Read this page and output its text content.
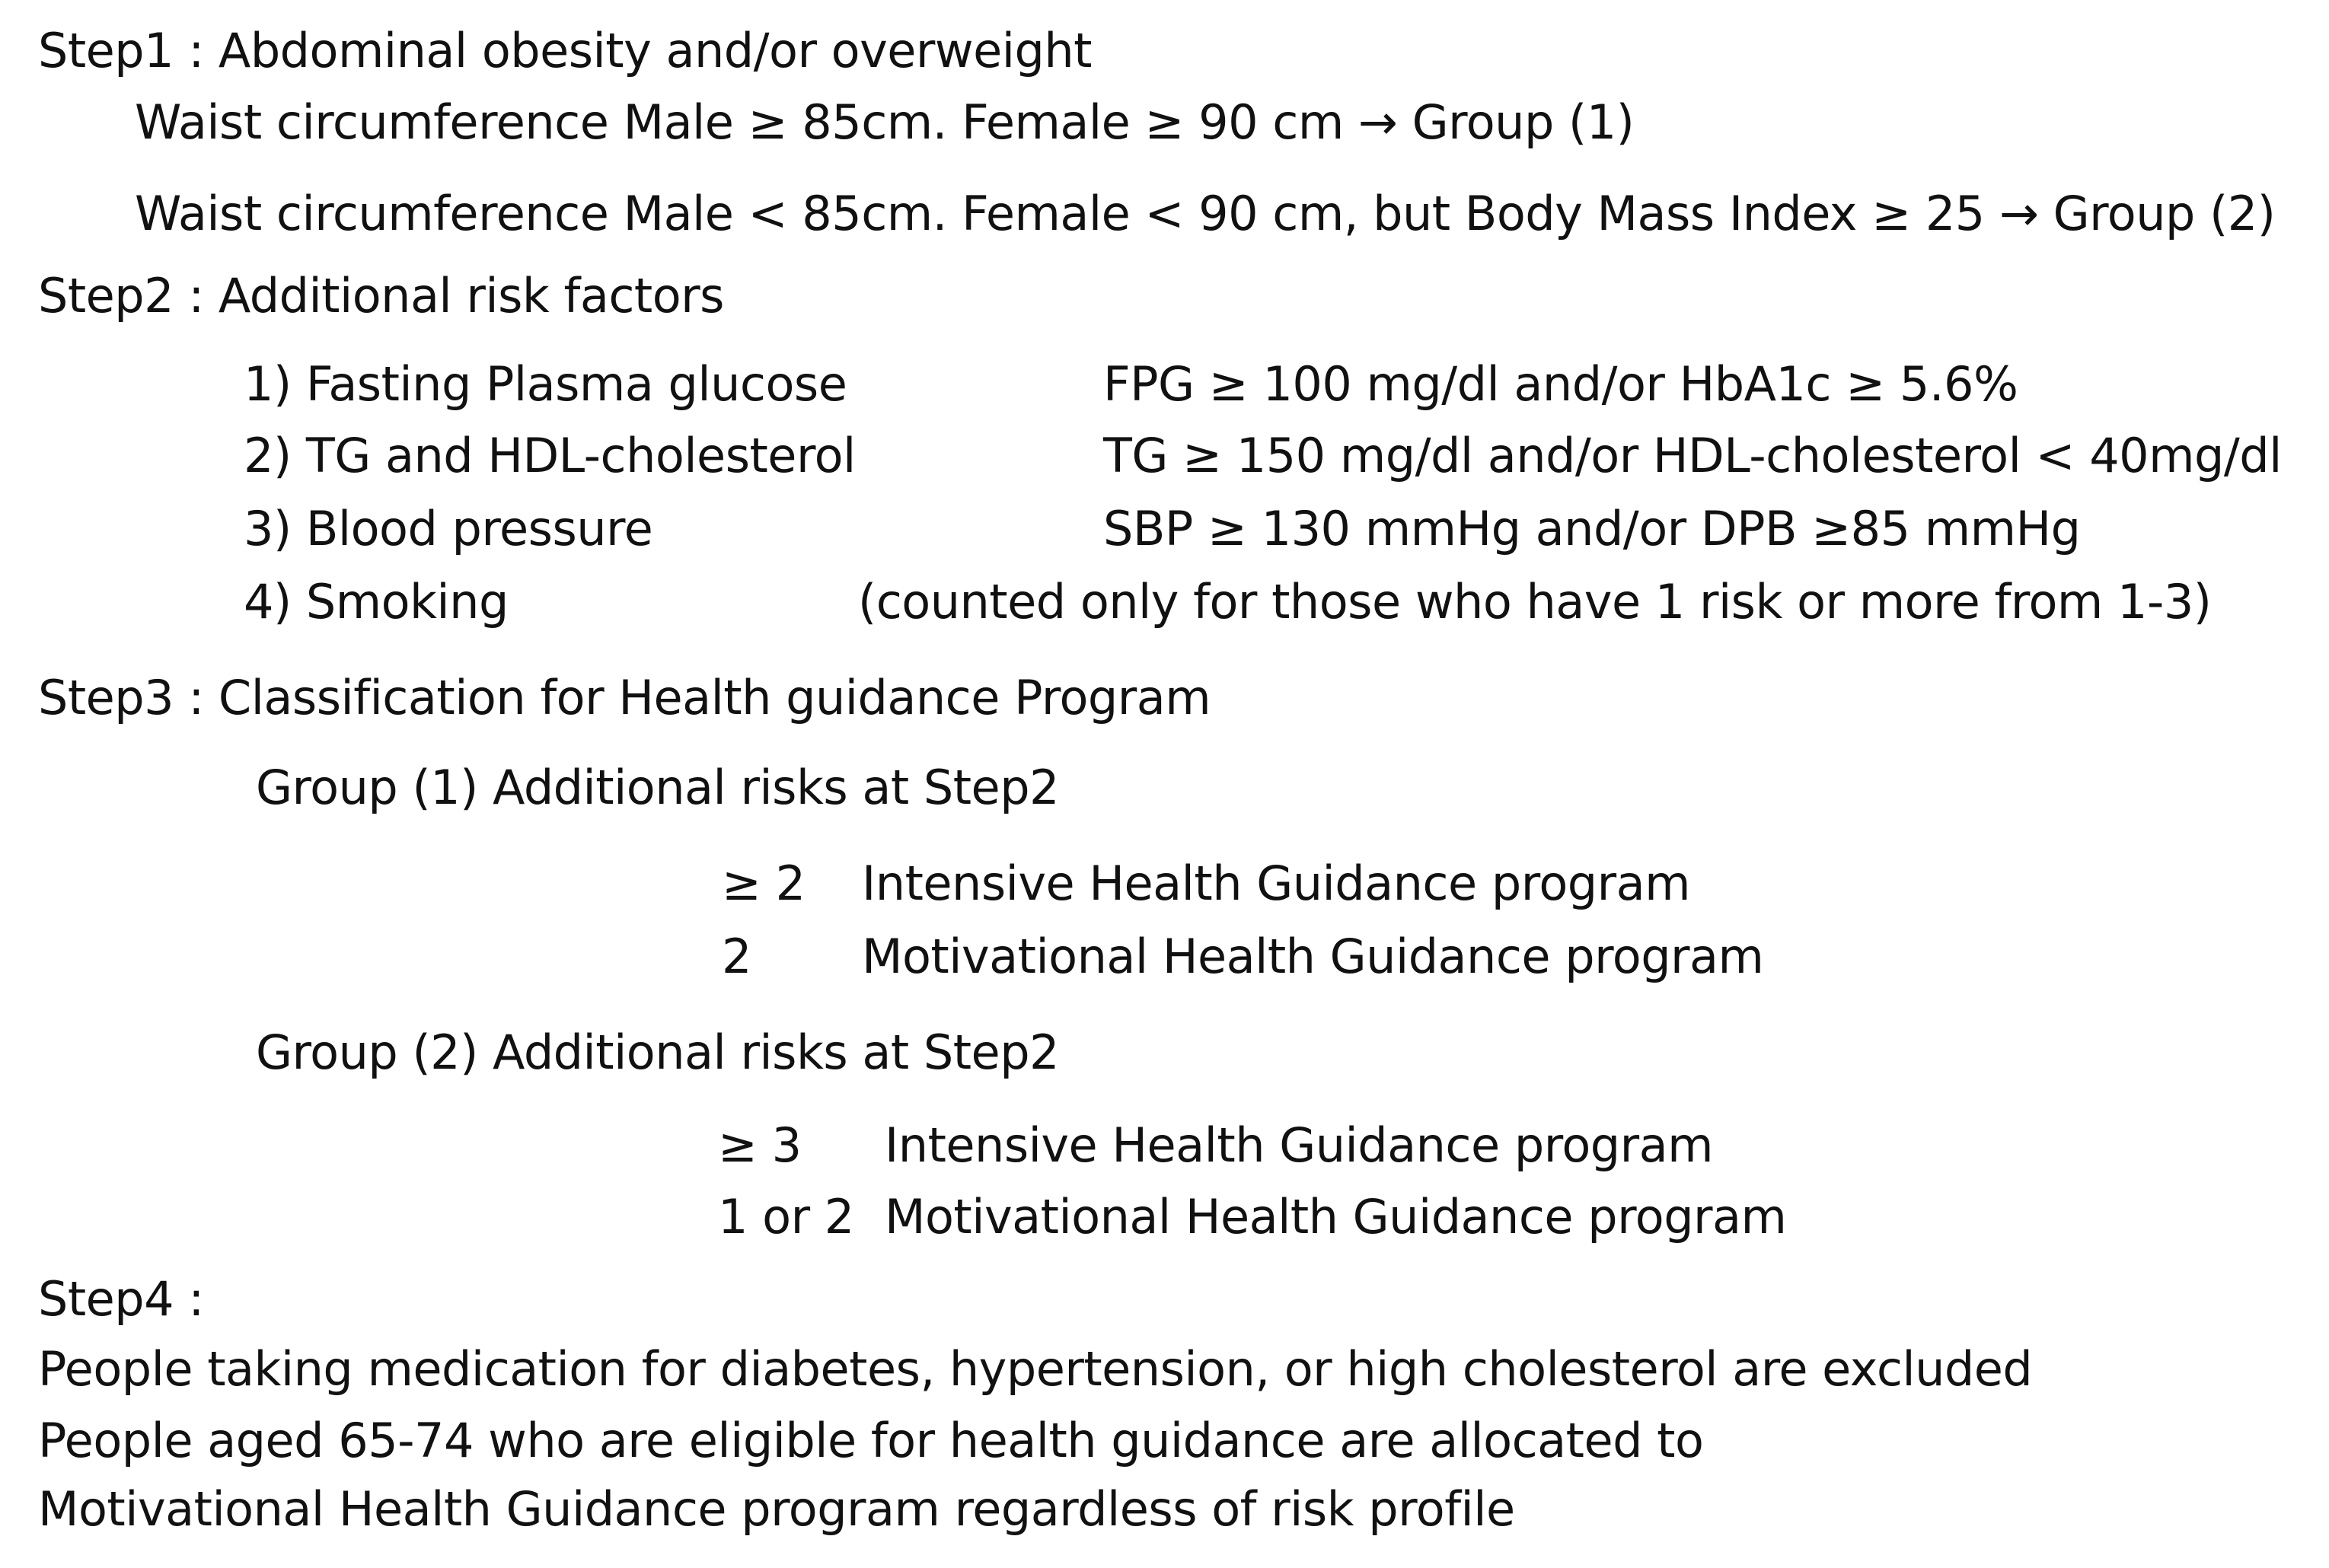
Step1 : Abdominal obesity and/or overweight
Waist circumference Male ≥ 85cm. Female ≥ 90 cm → Group (1)
Waist circumference Male < 85cm. Female < 90 cm, but Body Mass Index ≥ 25 → Group (2)
Step2 : Additional risk factors
1) Fasting Plasma glucose	FPG ≥ 100 mg/dl and/or HbA1c ≥ 5.6%
2) TG and HDL-cholesterol	TG ≥ 150 mg/dl and/or HDL-cholesterol < 40mg/dl
3) Blood pressure	SBP ≥ 130 mmHg and/or DPB ≥85 mmHg
4) Smoking	(counted only for those who have 1 risk or more from 1-3)
Step3 : Classification for Health guidance Program
Group (1) Additional risks at Step2
≥ 2 Intensive Health Guidance program
2 Motivational Health Guidance program
Group (2) Additional risks at Step2
≥ 3 Intensive Health Guidance program
1 or 2 Motivational Health Guidance program
Step4 :
People taking medication for diabetes, hypertension, or high cholesterol are excluded
People aged 65-74 who are eligible for health guidance are allocated to
Motivational Health Guidance program regardless of risk profile
